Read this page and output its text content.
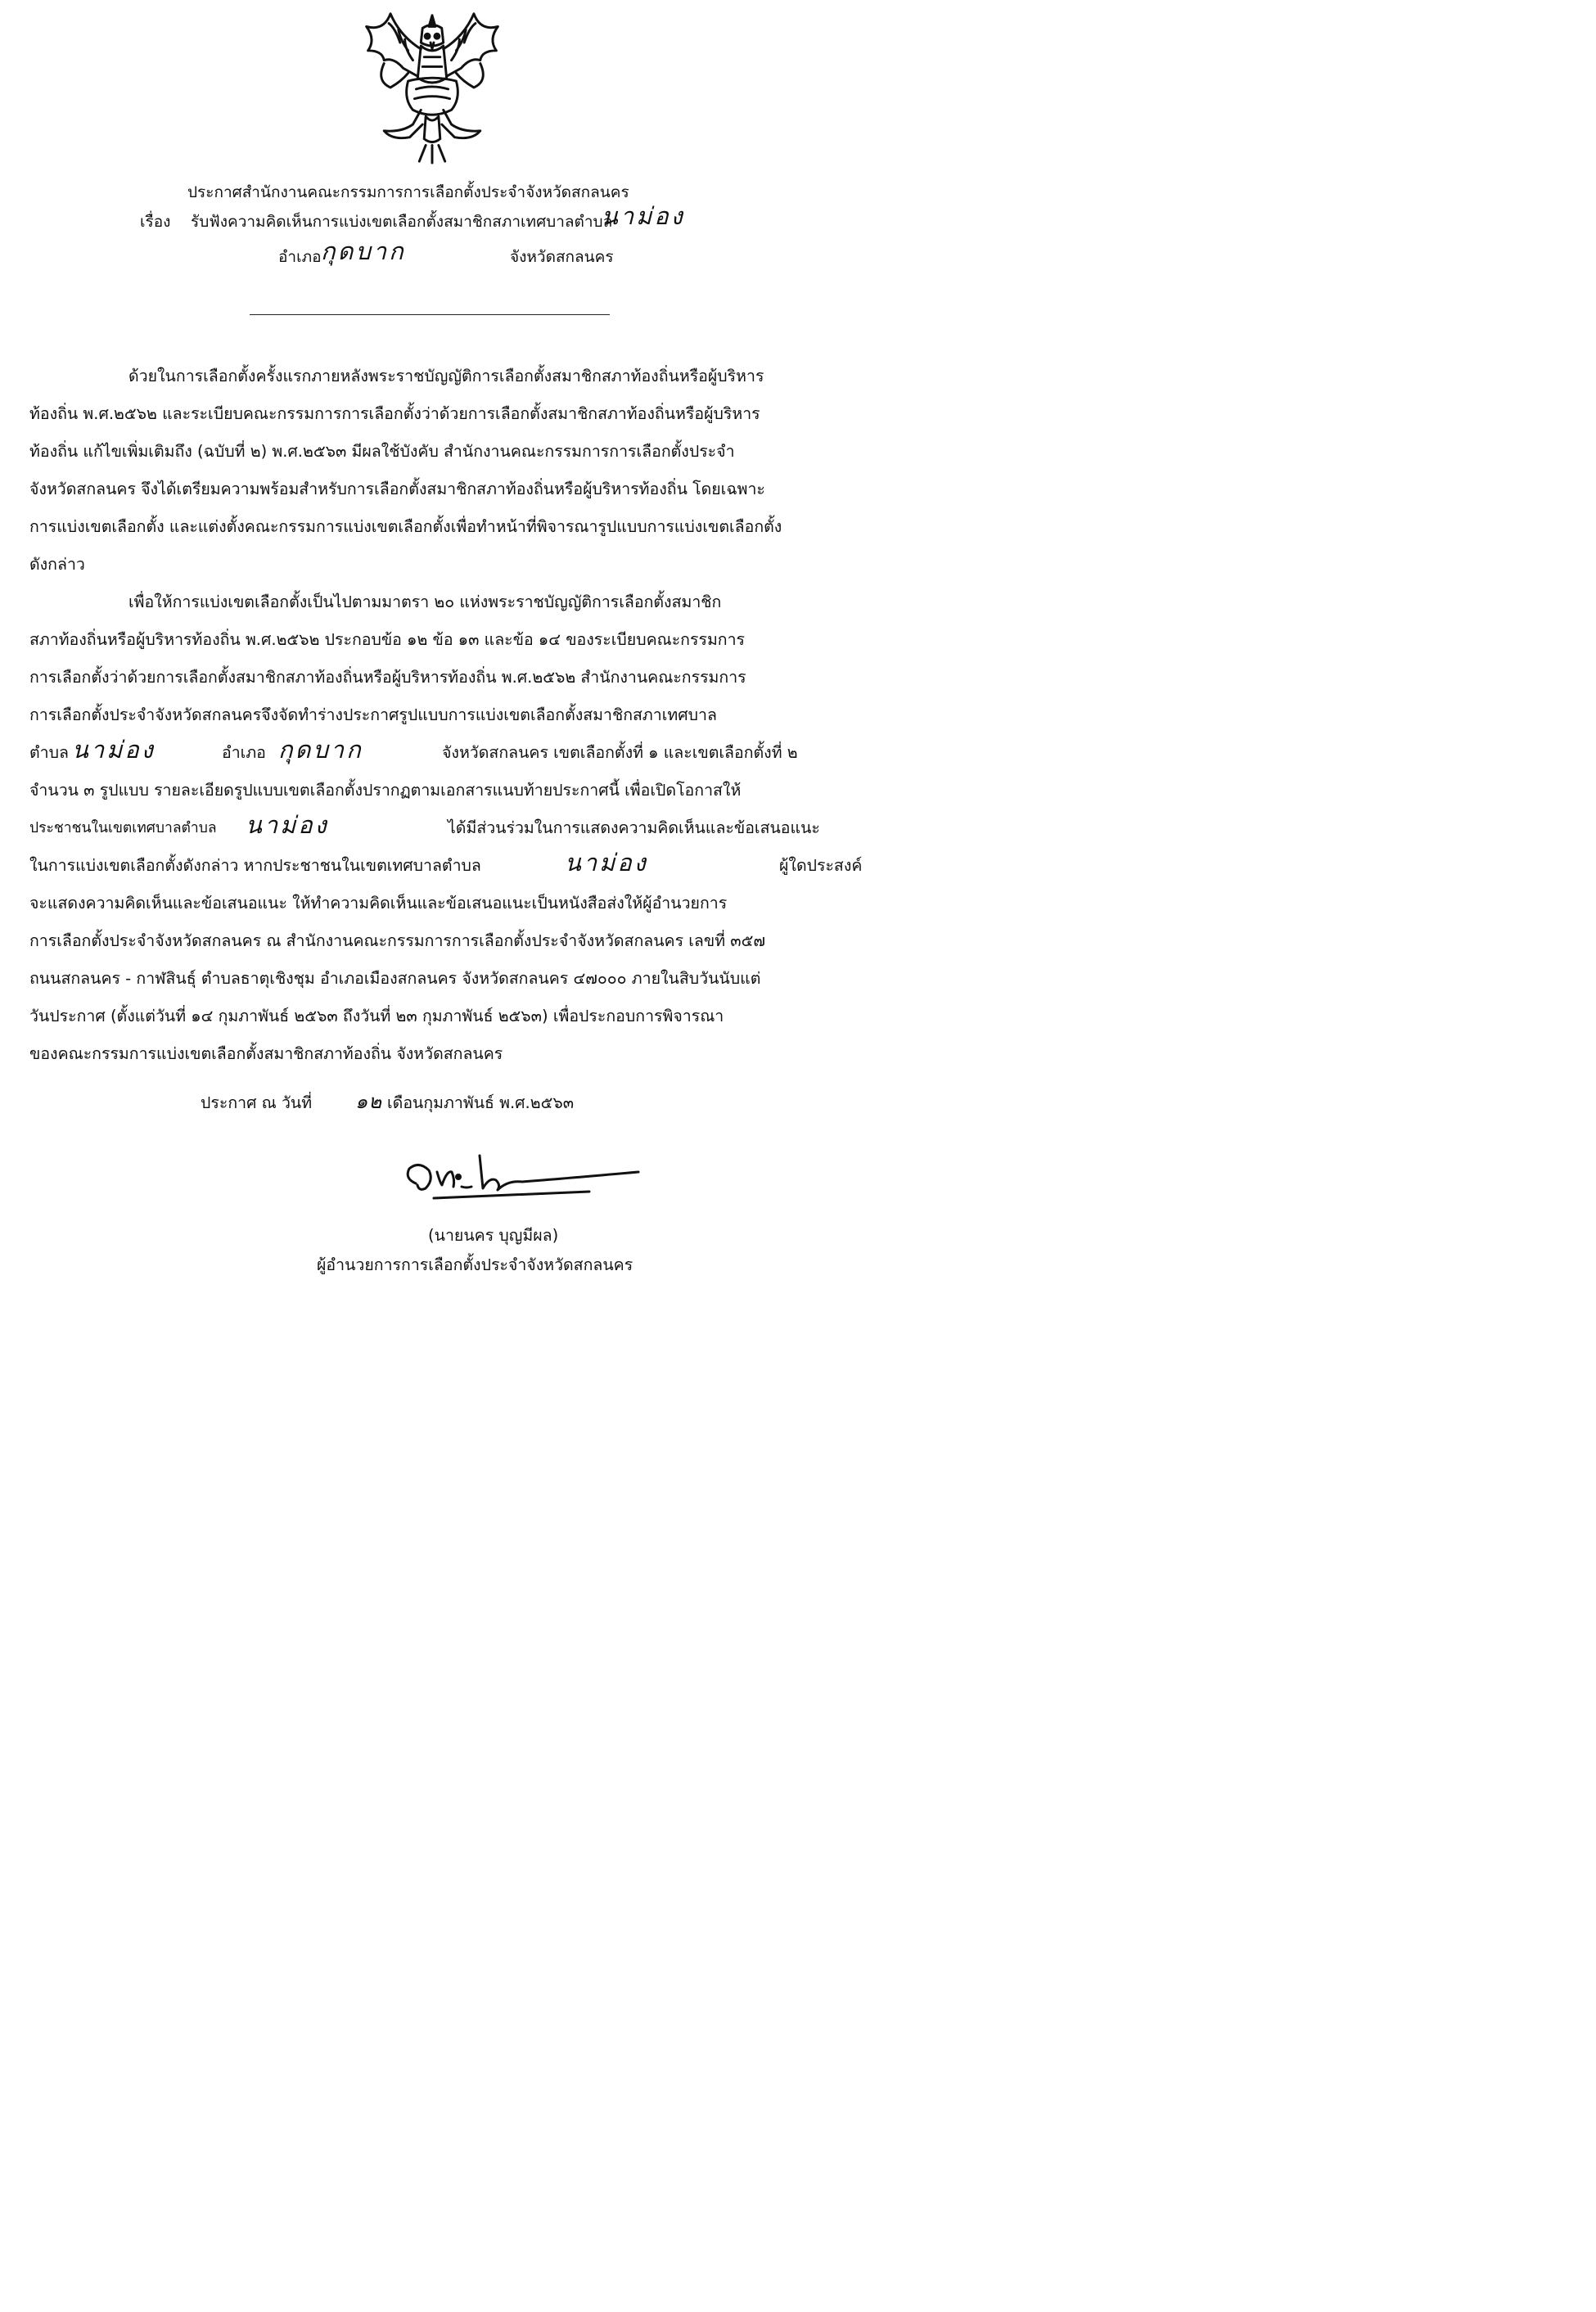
ประกาศสำนักงานคณะกรรมการการเลือกตั้งประจำจังหวัดสกลนคร
เรื่อง รับฟังความคิดเห็นการแบ่งเขตเลือกตั้งสมาชิกสภาเทศบาลตำบล
นาม่อง
อำเภอ กุดบาก	จังหวัดสกลนคร
ด้วยในการเลือกตั้งครั้งแรกภายหลังพระราชบัญญัติการเลือกตั้งสมาชิกสภาท้องถิ่นหรือผู้บริหาร
ท้องถิ่น พ.ศ.๒๕๖๒ และระเบียบคณะกรรมการการเลือกตั้งว่าด้วยการเลือกตั้งสมาชิกสภาท้องถิ่นหรือผู้บริหาร
ท้องถิ่น แก้ไขเพิ่มเติมถึง (ฉบับที่ ๒) พ.ศ.๒๕๖๓ มีผลใช้บังคับ สำนักงานคณะกรรมการการเลือกตั้งประจำ
จังหวัดสกลนคร จึงได้เตรียมความพร้อมสำหรับการเลือกตั้งสมาชิกสภาท้องถิ่นหรือผู้บริหารท้องถิ่น โดยเฉพาะ
การแบ่งเขตเลือกตั้ง และแต่งตั้งคณะกรรมการแบ่งเขตเลือกตั้งเพื่อทำหน้าที่พิจารณารูปแบบการแบ่งเขตเลือกตั้ง
ดังกล่าว
เพื่อให้การแบ่งเขตเลือกตั้งเป็นไปตามมาตรา ๒๐ แห่งพระราชบัญญัติการเลือกตั้งสมาชิก
สภาท้องถิ่นหรือผู้บริหารท้องถิ่น พ.ศ.๒๕๖๒ ประกอบข้อ ๑๒ ข้อ ๑๓ และข้อ ๑๔ ของระเบียบคณะกรรมการ
การเลือกตั้งว่าด้วยการเลือกตั้งสมาชิกสภาท้องถิ่นหรือผู้บริหารท้องถิ่น พ.ศ.๒๕๖๒ สำนักงานคณะกรรมการ
การเลือกตั้งประจำจังหวัดสกลนครจึงจัดทำร่างประกาศรูปแบบการแบ่งเขตเลือกตั้งสมาชิกสภาเทศบาล
ตำบล นาม่อง	อำเภอ กุดบาก	จังหวัดสกลนคร เขตเลือกตั้งที่ ๑ และเขตเลือกตั้งที่ ๒
จำนวน ๓ รูปแบบ รายละเอียดรูปแบบเขตเลือกตั้งปรากฏตามเอกสารแนบท้ายประกาศนี้ เพื่อเปิดโอกาสให้
ประชาชนในเขตเทศบาลตำบล นาม่อง	ได้มีส่วนร่วมในการแสดงความคิดเห็นและข้อเสนอแนะ
ในการแบ่งเขตเลือกตั้งดังกล่าว หากประชาชนในเขตเทศบาลตำบล	นาม่อง	ผู้ใดประสงค์
จะแสดงความคิดเห็นและข้อเสนอแนะ ให้ทำความคิดเห็นและข้อเสนอแนะเป็นหนังสือส่งให้ผู้อำนวยการ
การเลือกตั้งประจำจังหวัดสกลนคร ณ สำนักงานคณะกรรมการการเลือกตั้งประจำจังหวัดสกลนคร เลขที่ ๓๕๗
ถนนสกลนคร - กาฬสินธุ์ ตำบลธาตุเชิงชุม อำเภอเมืองสกลนคร จังหวัดสกลนคร ๔๗๐๐๐ ภายในสิบวันนับแต่
วันประกาศ (ตั้งแต่วันที่ ๑๔ กุมภาพันธ์ ๒๕๖๓ ถึงวันที่ ๒๓ กุมภาพันธ์ ๒๕๖๓) เพื่อประกอบการพิจารณา
ของคณะกรรมการแบ่งเขตเลือกตั้งสมาชิกสภาท้องถิ่น จังหวัดสกลนคร
ประกาศ ณ วันที่ ๑๒ เดือนกุมภาพันธ์ พ.ศ.๒๕๖๓
(นายนคร บุญมีผล)
ผู้อำนวยการการเลือกตั้งประจำจังหวัดสกลนคร
